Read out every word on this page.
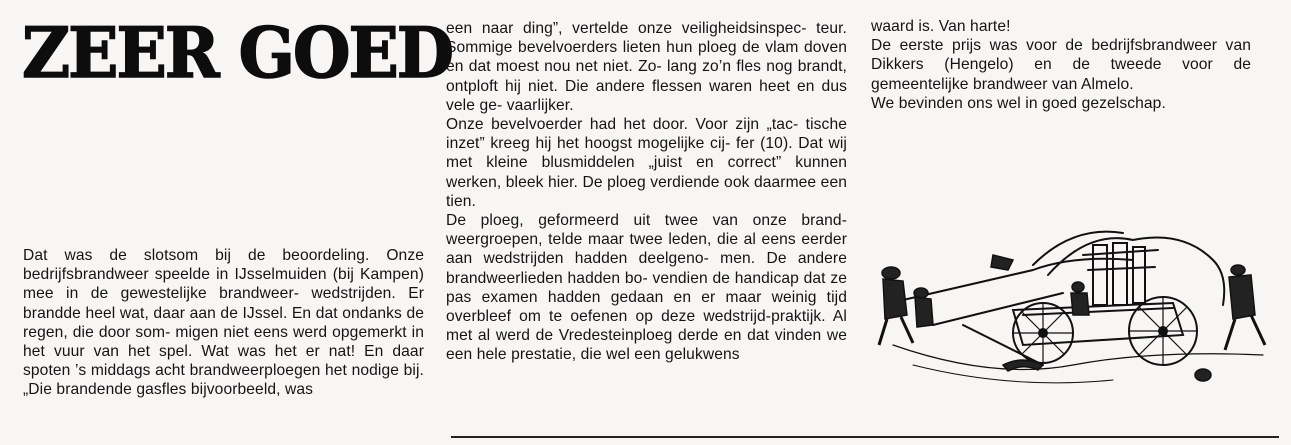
ZEER GOED

Dat was de slotsom bij de beoordeling. Onze bedrijfsbrandweer speelde in IJsselmuiden (bij Kampen) mee in de gewestelijke brandweer- wedstrijden. Er brandde heel wat, daar aan de IJssel. En dat ondanks de regen, die door som- migen niet eens werd opgemerkt in het vuur van het spel. Wat was het er nat! En daar spoten ’s middags acht brandweerploegen het nodige bij. „Die brandende gasfles bijvoorbeeld, was

een naar ding”, vertelde onze veiligheidsinspec- teur. Sommige bevelvoerders lieten hun ploeg de vlam doven en dat moest nou net niet. Zo- lang zo’n fles nog brandt, ontploft hij niet. Die andere flessen waren heet en dus vele ge- vaarlijker.

Onze bevelvoerder had het door. Voor zijn „tac- tische inzet” kreeg hij het hoogst mogelijke cij- fer (10). Dat wij met kleine blusmiddelen „juist en correct” kunnen werken, bleek hier. De ploeg verdiende ook daarmee een tien.

De ploeg, geformeerd uit twee van onze brand- weergroepen, telde maar twee leden, die al eens eerder aan wedstrijden hadden deelgeno- men. De andere brandweerlieden hadden bo- vendien de handicap dat ze pas examen hadden gedaan en er maar weinig tijd overbleef om te oefenen op deze wedstrijd-praktijk. Al met al werd de Vredesteinploeg derde en dat vinden we een hele prestatie, die wel een gelukwens

waard is. Van harte!

De eerste prijs was voor de bedrijfsbrandweer van Dikkers (Hengelo) en de tweede voor de gemeentelijke brandweer van Almelo.

We bevinden ons wel in goed gezelschap.
